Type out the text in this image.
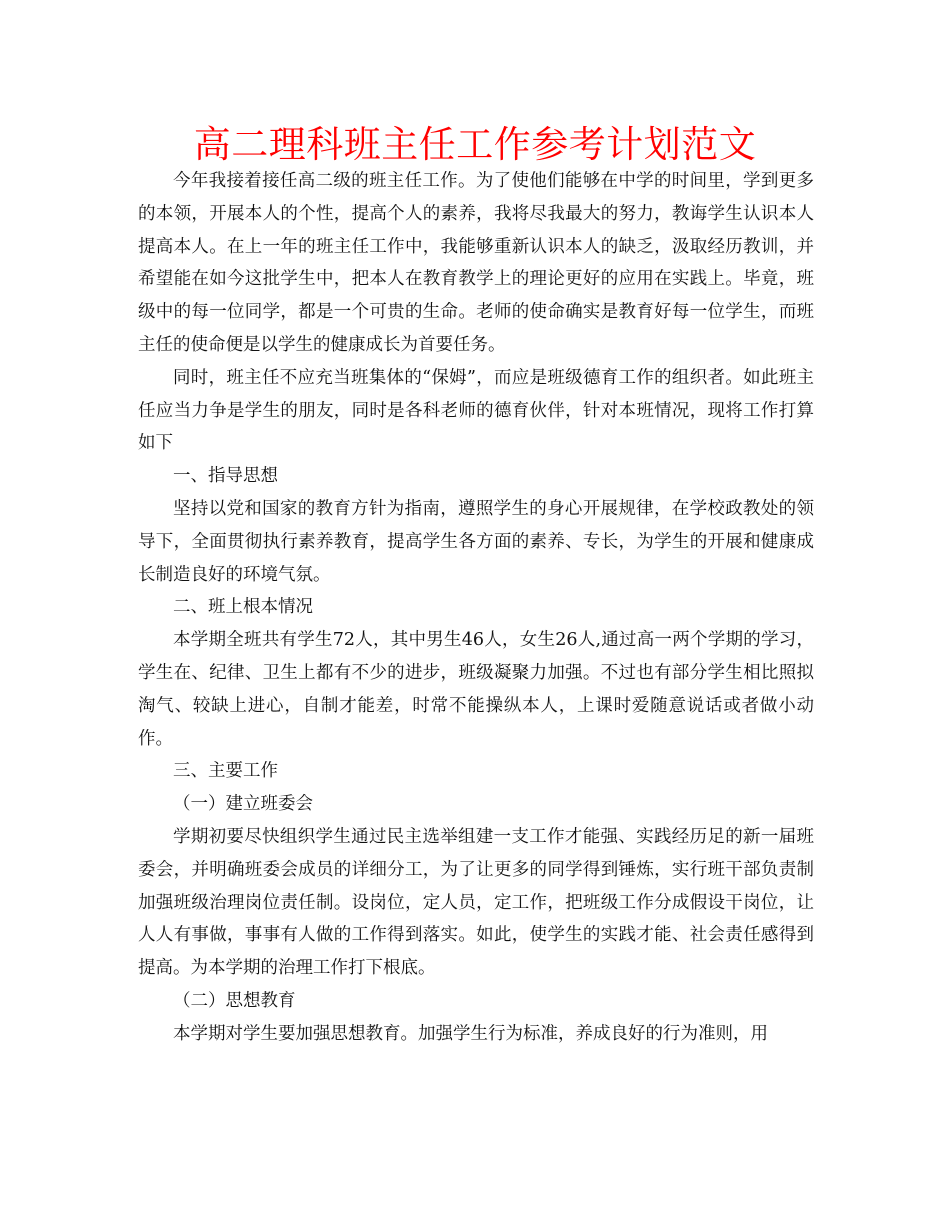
高二理科班主任工作参考计划范文

今年我接着接任高二级的班主任工作。为了使他们能够在中学的时间里，学到更多的本领，开展本人的个性，提高个人的素养，我将尽我最大的努力，教诲学生认识本人提高本人。在上一年的班主任工作中，我能够重新认识本人的缺乏，汲取经历教训，并希望能在如今这批学生中，把本人在教育教学上的理论更好的应用在实践上。毕竟，班级中的每一位同学，都是一个可贵的生命。老师的使命确实是教育好每一位学生，而班主任的使命便是以学生的健康成长为首要任务。

同时，班主任不应充当班集体的“保姆”，而应是班级德育工作的组织者。如此班主任应当力争是学生的朋友，同时是各科老师的德育伙伴，针对本班情况，现将工作打算如下

一、指导思想

坚持以党和国家的教育方针为指南，遵照学生的身心开展规律，在学校政教处的领导下，全面贯彻执行素养教育，提高学生各方面的素养、专长，为学生的开展和健康成长制造良好的环境气氛。

二、班上根本情况

本学期全班共有学生72人，其中男生46人，女生26人,通过高一两个学期的学习，学生在、纪律、卫生上都有不少的进步，班级凝聚力加强。不过也有部分学生相比照拟淘气、较缺上进心，自制才能差，时常不能操纵本人，上课时爱随意说话或者做小动作。

三、主要工作

（一）建立班委会

学期初要尽快组织学生通过民主选举组建一支工作才能强、实践经历足的新一届班委会，并明确班委会成员的详细分工，为了让更多的同学得到锤炼，实行班干部负责制加强班级治理岗位责任制。设岗位，定人员，定工作，把班级工作分成假设干岗位，让人人有事做，事事有人做的工作得到落实。如此，使学生的实践才能、社会责任感得到提高。为本学期的治理工作打下根底。

（二）思想教育

本学期对学生要加强思想教育。加强学生行为标准，养成良好的行为准则，用
